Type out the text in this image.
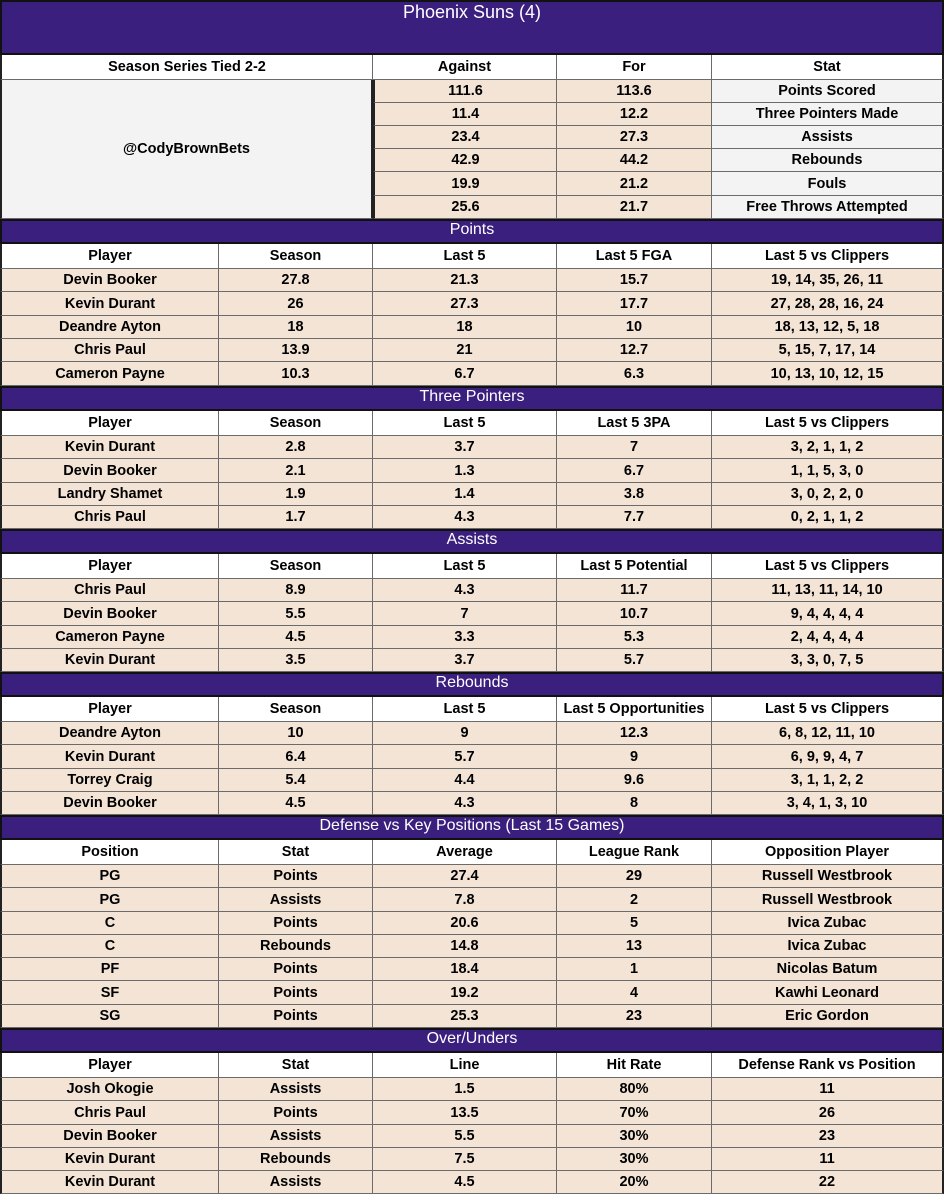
Phoenix Suns (4)
Season Series Tied 2-2	Against	For	Stat
@CodyBrownBets
111.6	113.6	Points Scored
11.4	12.2	Three Pointers Made
23.4	27.3	Assists
42.9	44.2	Rebounds
19.9	21.2	Fouls
25.6	21.7	Free Throws Attempted
Points
Player	Season	Last 5	Last 5 FGA	Last 5 vs Clippers
Devin Booker	27.8	21.3	15.7	19, 14, 35, 26, 11
Kevin Durant	26	27.3	17.7	27, 28, 28, 16, 24
Deandre Ayton	18	18	10	18, 13, 12, 5, 18
Chris Paul	13.9	21	12.7	5, 15, 7, 17, 14
Cameron Payne	10.3	6.7	6.3	10, 13, 10, 12, 15
Three Pointers
Player	Season	Last 5	Last 5 3PA	Last 5 vs Clippers
Kevin Durant	2.8	3.7	7	3, 2, 1, 1, 2
Devin Booker	2.1	1.3	6.7	1, 1, 5, 3, 0
Landry Shamet	1.9	1.4	3.8	3, 0, 2, 2, 0
Chris Paul	1.7	4.3	7.7	0, 2, 1, 1, 2
Assists
Player	Season	Last 5	Last 5 Potential	Last 5 vs Clippers
Chris Paul	8.9	4.3	11.7	11, 13, 11, 14, 10
Devin Booker	5.5	7	10.7	9, 4, 4, 4, 4
Cameron Payne	4.5	3.3	5.3	2, 4, 4, 4, 4
Kevin Durant	3.5	3.7	5.7	3, 3, 0, 7, 5
Rebounds
Player	Season	Last 5	Last 5 Opportunities	Last 5 vs Clippers
Deandre Ayton	10	9	12.3	6, 8, 12, 11, 10
Kevin Durant	6.4	5.7	9	6, 9, 9, 4, 7
Torrey Craig	5.4	4.4	9.6	3, 1, 1, 2, 2
Devin Booker	4.5	4.3	8	3, 4, 1, 3, 10
Defense vs Key Positions (Last 15 Games)
Position	Stat	Average	League Rank	Opposition Player
PG	Points	27.4	29	Russell Westbrook
PG	Assists	7.8	2	Russell Westbrook
C	Points	20.6	5	Ivica Zubac
C	Rebounds	14.8	13	Ivica Zubac
PF	Points	18.4	1	Nicolas Batum
SF	Points	19.2	4	Kawhi Leonard
SG	Points	25.3	23	Eric Gordon
Over/Unders
Player	Stat	Line	Hit Rate	Defense Rank vs Position
Josh Okogie	Assists	1.5	80%	11
Chris Paul	Points	13.5	70%	26
Devin Booker	Assists	5.5	30%	23
Kevin Durant	Rebounds	7.5	30%	11
Kevin Durant	Assists	4.5	20%	22
